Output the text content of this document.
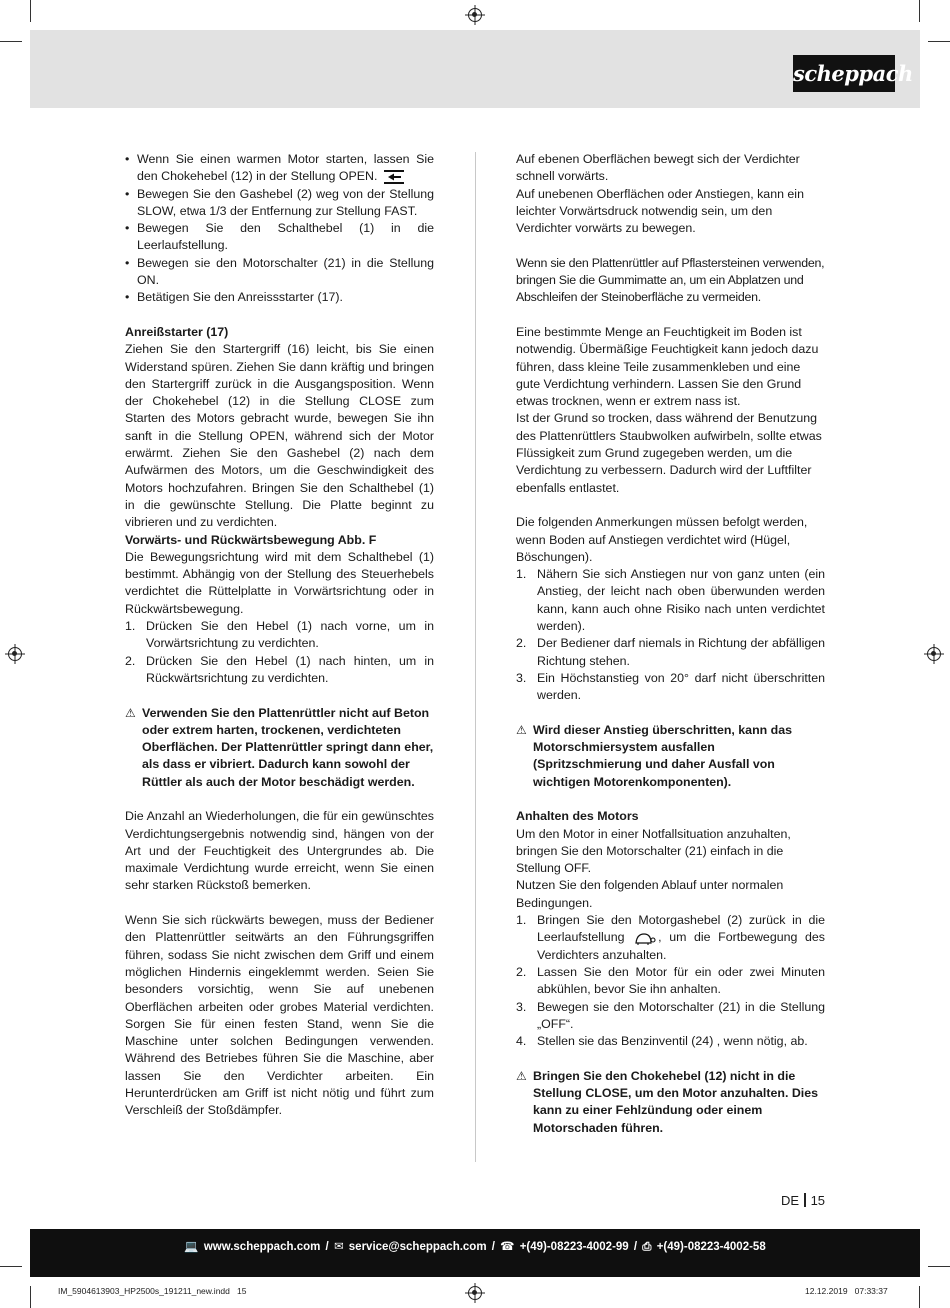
scheppach
• Wenn Sie einen warmen Motor starten, lassen Sie den Chokehebel (12) in der Stellung OPEN.
• Bewegen Sie den Gashebel (2) weg von der Stellung SLOW, etwa 1/3 der Entfernung zur Stellung FAST.
• Bewegen Sie den Schalthebel (1) in die Leerlaufstellung.
• Bewegen sie den Motorschalter (21) in die Stellung ON.
• Betätigen Sie den Anreissstarter (17).
Anreißstarter (17)

Ziehen Sie den Startergriff (16) leicht, bis Sie einen Widerstand spüren. Ziehen Sie dann kräftig und bringen den Startergriff zurück in die Ausgangsposition. Wenn der Chokehebel (12) in die Stellung CLOSE zum Starten des Motors gebracht wurde, bewegen Sie ihn sanft in die Stellung OPEN, während sich der Motor erwärmt. Ziehen Sie den Gashebel (2) nach dem Aufwärmen des Motors, um die Geschwindigkeit des Motors hochzufahren. Bringen Sie den Schalthebel (1) in die gewünschte Stellung. Die Platte beginnt zu vibrieren und zu verdichten.

Vorwärts- und Rückwärtsbewegung Abb. F

Die Bewegungsrichtung wird mit dem Schalthebel (1) bestimmt. Abhängig von der Stellung des Steuerhebels verdichtet die Rüttelplatte in Vorwärtsrichtung oder in Rückwärtsbewegung.

1. Drücken Sie den Hebel (1) nach vorne, um in Vorwärtsrichtung zu verdichten.
2. Drücken Sie den Hebel (1) nach hinten, um in Rückwärtsrichtung zu verdichten.

⚠ Verwenden Sie den Plattenrüttler nicht auf Beton oder extrem harten, trockenen, verdichteten Oberflächen. Der Plattenrüttler springt dann eher, als dass er vibriert. Dadurch kann sowohl der Rüttler als auch der Motor beschädigt werden.

Die Anzahl an Wiederholungen, die für ein gewünschtes Verdichtungsergebnis notwendig sind, hängen von der Art und der Feuchtigkeit des Untergrundes ab. Die maximale Verdichtung wurde erreicht, wenn Sie einen sehr starken Rückstoß bemerken.

Wenn Sie sich rückwärts bewegen, muss der Bediener den Plattenrüttler seitwärts an den Führungsgriffen führen, sodass Sie nicht zwischen dem Griff und einem möglichen Hindernis eingeklemmt werden. Seien Sie besonders vorsichtig, wenn Sie auf unebenen Oberflächen arbeiten oder grobes Material verdichten. Sorgen Sie für einen festen Stand, wenn Sie die Maschine unter solchen Bedingungen verwenden. Während des Betriebes führen Sie die Maschine, aber lassen Sie den Verdichter arbeiten. Ein Herunterdrücken am Griff ist nicht nötig und führt zum Verschleiß der Stoßdämpfer.

Auf ebenen Oberflächen bewegt sich der Verdichter schnell vorwärts.

Auf unebenen Oberflächen oder Anstiegen, kann ein leichter Vorwärtsdruck notwendig sein, um den Verdichter vorwärts zu bewegen.

Wenn sie den Plattenrüttler auf Pflastersteinen verwenden, bringen Sie die Gummimatte an, um ein Abplatzen und Abschleifen der Steinoberfläche zu vermeiden.

Eine bestimmte Menge an Feuchtigkeit im Boden ist notwendig. Übermäßige Feuchtigkeit kann jedoch dazu führen, dass kleine Teile zusammenkleben und eine gute Verdichtung verhindern. Lassen Sie den Grund etwas trocknen, wenn er extrem nass ist.

Ist der Grund so trocken, dass während der Benutzung des Plattenrüttlers Staubwolken aufwirbeln, sollte etwas Flüssigkeit zum Grund zugegeben werden, um die Verdichtung zu verbessern. Dadurch wird der Luftfilter ebenfalls entlastet.

Die folgenden Anmerkungen müssen befolgt werden, wenn Boden auf Anstiegen verdichtet wird (Hügel, Böschungen).

1. Nähern Sie sich Anstiegen nur von ganz unten (ein Anstieg, der leicht nach oben überwunden werden kann, kann auch ohne Risiko nach unten verdichtet werden).
2. Der Bediener darf niemals in Richtung der abfälligen Richtung stehen.
3. Ein Höchstanstieg von 20° darf nicht überschritten werden.

⚠ Wird dieser Anstieg überschritten, kann das Motorschmiersystem ausfallen (Spritzschmierung und daher Ausfall von wichtigen Motorenkomponenten).

Anhalten des Motors

Um den Motor in einer Notfallsituation anzuhalten, bringen Sie den Motorschalter (21) einfach in die Stellung OFF.

Nutzen Sie den folgenden Ablauf unter normalen Bedingungen.

1. Bringen Sie den Motorgashebel (2) zurück in die Leerlaufstellung	, um die Fortbewegung des Verdichters anzuhalten.
2. Lassen Sie den Motor für ein oder zwei Minuten abkühlen, bevor Sie ihn anhalten.
3. Bewegen sie den Motorschalter (21) in die Stellung „OFF“.
4. Stellen sie das Benzinventil (24) , wenn nötig, ab.

⚠ Bringen Sie den Chokehebel (12) nicht in die Stellung CLOSE, um den Motor anzuhalten. Dies kann zu einer Fehlzündung oder einem Motorschaden führen.

DE 15
💻 www.scheppach.com / ✉ service@scheppach.com / ☎ +(49)-08223-4002-99 / ⎙ +(49)-08223-4002-58
IM_5904613903_HP2500s_191211_new.indd   15	12.12.2019   07:33:37
